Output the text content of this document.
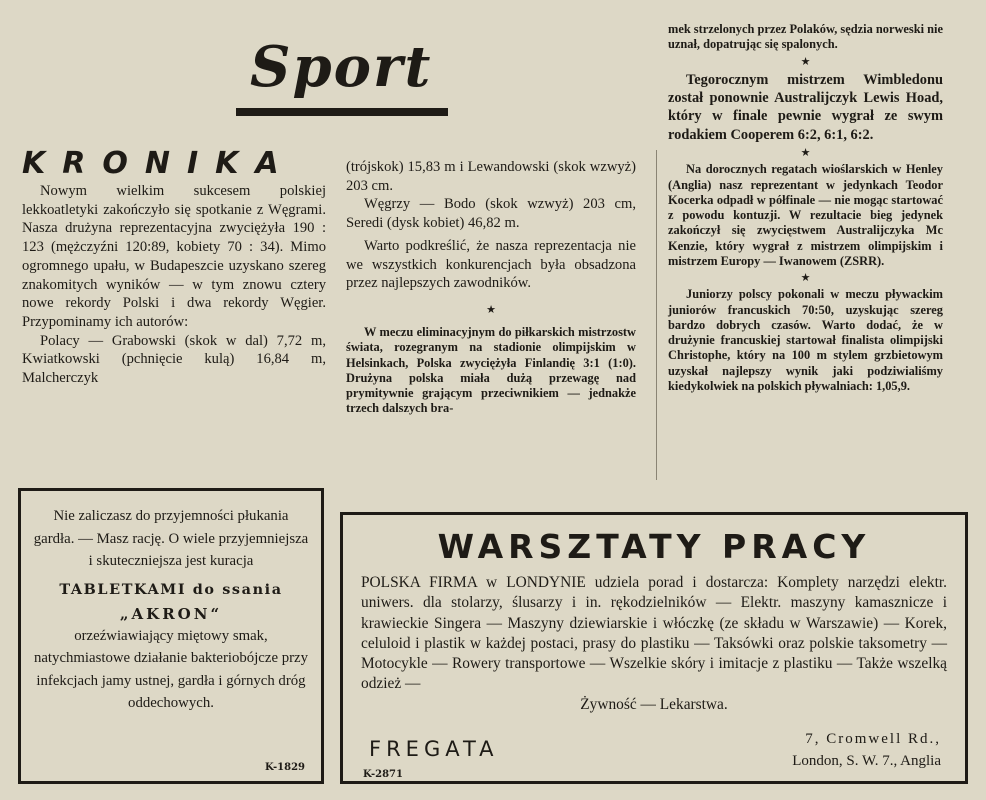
Sport
KRONIKA

Nowym wielkim sukcesem polskiej lekkoatletyki zakończyło się spotkanie z Węgrami. Nasza drużyna reprezentacyjna zwyciężyła 190 : 123 (mężczyźni 120:89, kobiety 70 : 34). Mimo ogromnego upału, w Budapeszcie uzyskano szereg znakomitych wyników — w tym znowu cztery nowe rekordy Polski i dwa rekordy Węgier. Przypominamy ich autorów:

Polacy — Grabowski (skok w dal) 7,72 m, Kwiatkowski (pchnięcie kulą) 16,84 m, Malcherczyk

(trójskok) 15,83 m i Lewandowski (skok wzwyż) 203 cm.

Węgrzy — Bodo (skok wzwyż) 203 cm, Seredi (dysk kobiet) 46,82 m.

Warto podkreślić, że nasza reprezentacja nie we wszystkich konkurencjach była obsadzona przez najlepszych zawodników.

★

W meczu eliminacyjnym do piłkarskich mistrzostw świata, rozegranym na stadionie olimpijskim w Helsinkach, Polska zwyciężyła Finlandię 3:1 (1:0). Drużyna polska miała dużą przewagę nad prymitywnie grającym przeciwnikiem — jednakże trzech dalszych bra-

mek strzelonych przez Polaków, sędzia norweski nie uznał, dopatrując się spalonych.

★

Tegorocznym mistrzem Wimbledonu został ponownie Australijczyk Lewis Hoad, który w finale pewnie wygrał ze swym rodakiem Cooperem 6:2, 6:1, 6:2.

★

Na dorocznych regatach wioślarskich w Henley (Anglia) nasz reprezentant w jedynkach Teodor Kocerka odpadł w półfinale — nie mogąc startować z powodu kontuzji. W rezultacie bieg jedynek zakończył się zwycięstwem Australijczyka Mc Kenzie, który wygrał z mistrzem olimpijskim i mistrzem Europy — Iwanowem (ZSRR).

★

Juniorzy polscy pokonali w meczu pływackim juniorów francuskich 70:50, uzyskując szereg bardzo dobrych czasów. Warto dodać, że w drużynie francuskiej startował finalista olimpijski Christophe, który na 100 m stylem grzbietowym uzyskał najlepszy wynik jaki podziwialiśmy kiedykolwiek na polskich pływalniach: 1,05,9.

Nie zaliczasz do przyjemności płukania gardła. — Masz rację. O wiele przyjemniejsza i skuteczniejsza jest kuracja
TABLETKAMI do ssania
„AKRON“
orzeźwiawiający miętowy smak, natychmiastowe działanie bakteriobójcze przy infekcjach jamy ustnej, gardła i górnych dróg oddechowych.
K-1829
WARSZTATY PRACY
POLSKA FIRMA w LONDYNIE udziela porad i dostarcza: Komplety narzędzi elektr. uniwers. dla stolarzy, ślusarzy i in. rękodzielników — Elektr. maszyny kamasznicze i krawieckie Singera — Maszyny dziewiarskie i włóczkę (ze składu w Warszawie) — Korek, celuloid i plastik w każdej postaci, prasy do plastiku — Taksówki oraz polskie taksometry — Motocykle — Rowery transportowe — Wszelkie skóry i imitacje z plastiku — Także wszelką odzież —
Żywność — Lekarstwa.
FREGATA	7, Cromwell Rd.,
London, S. W. 7., Anglia
K-2871
